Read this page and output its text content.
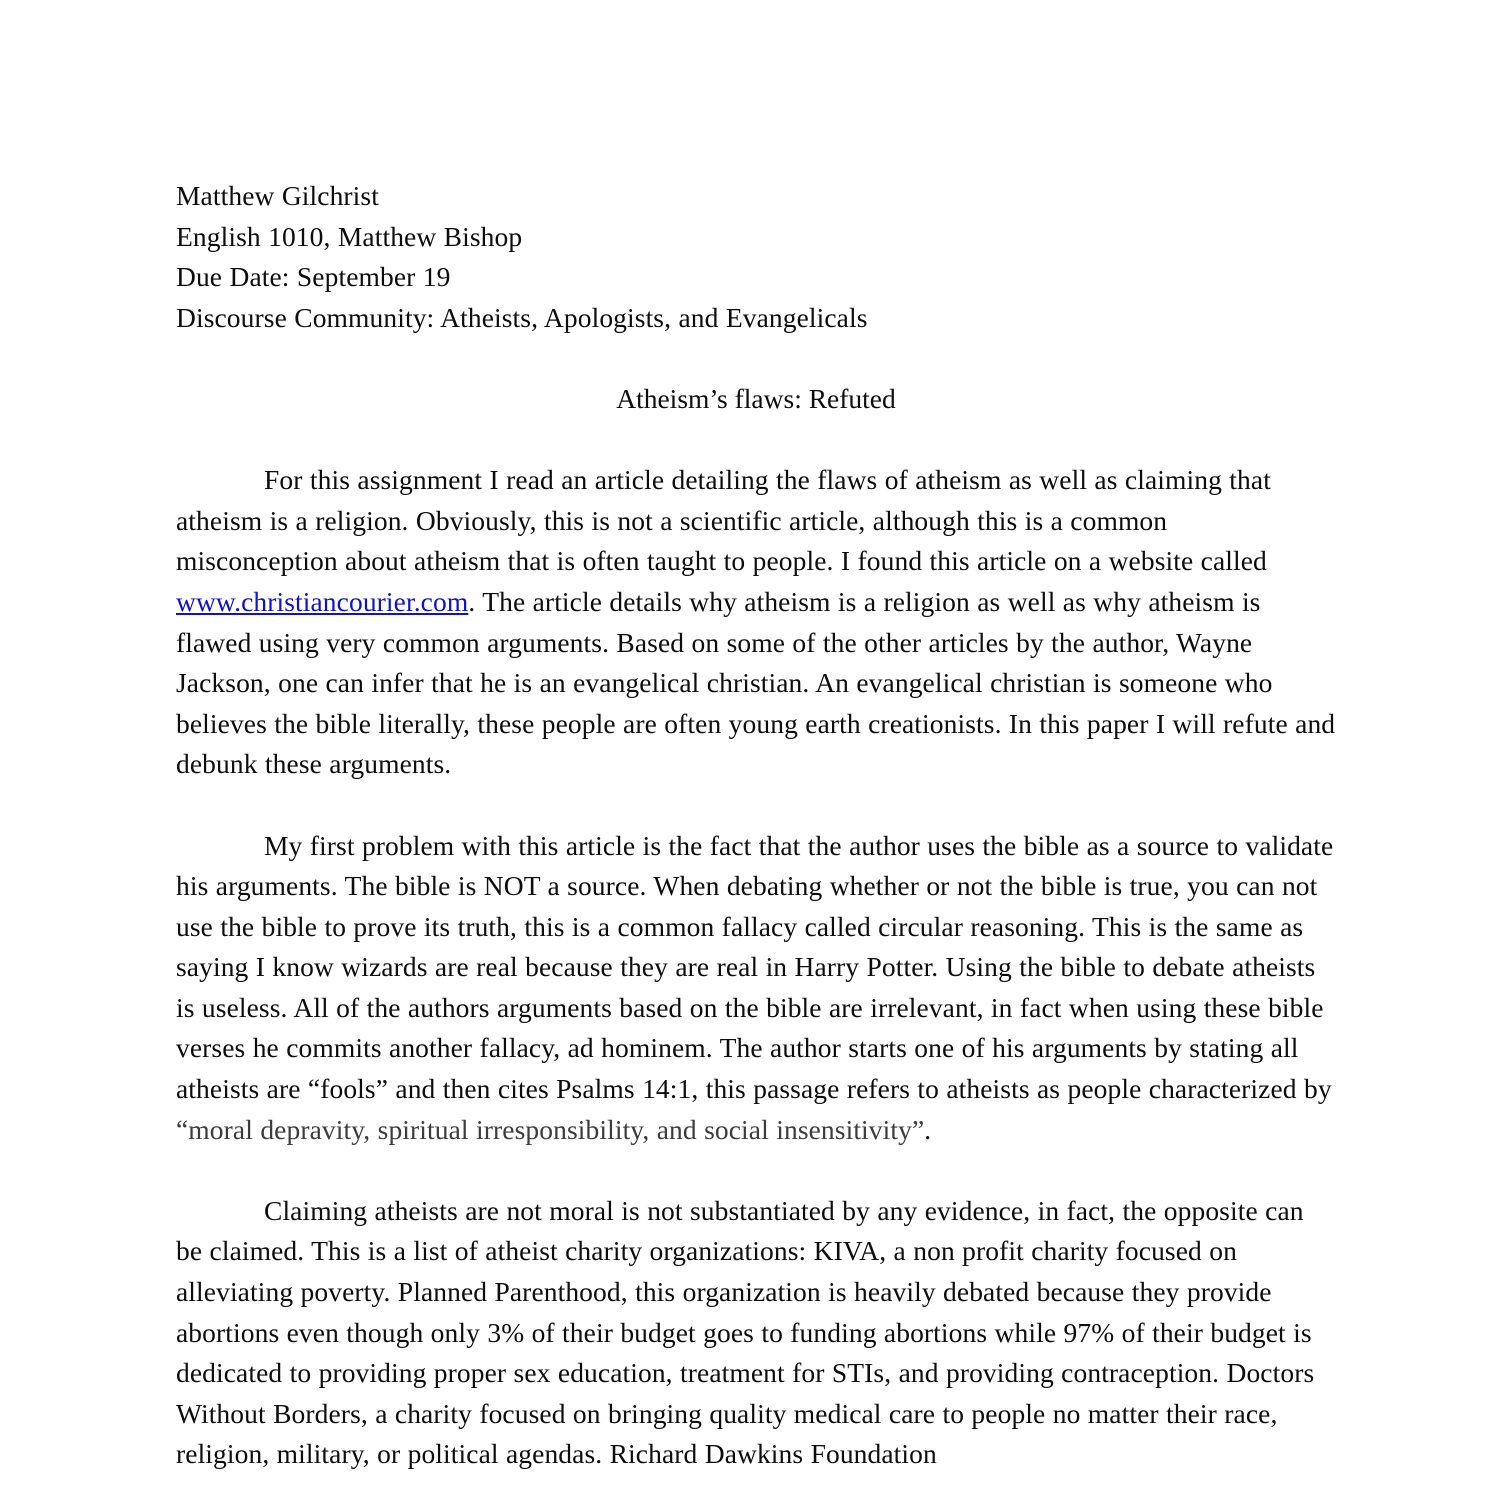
Matthew Gilchrist
English 1010, Matthew Bishop
Due Date: September 19
Discourse Community: Atheists, Apologists, and Evangelicals
Atheism’s flaws: Refuted

For this assignment I read an article detailing the flaws of atheism as well as claiming that atheism is a religion. Obviously, this is not a scientific article, although this is a common misconception about atheism that is often taught to people. I found this article on a website called www.christiancourier.com. The article details why atheism is a religion as well as why atheism is flawed using very common arguments. Based on some of the other articles by the author, Wayne Jackson, one can infer that he is an evangelical christian. An evangelical christian is someone who believes the bible literally, these people are often young earth creationists. In this paper I will refute and debunk these arguments.

My first problem with this article is the fact that the author uses the bible as a source to validate his arguments. The bible is NOT a source. When debating whether or not the bible is true, you can not use the bible to prove its truth, this is a common fallacy called circular reasoning. This is the same as saying I know wizards are real because they are real in Harry Potter. Using the bible to debate atheists is useless. All of the authors arguments based on the bible are irrelevant, in fact when using these bible verses he commits another fallacy, ad hominem. The author starts one of his arguments by stating all atheists are “fools” and then cites Psalms 14:1, this passage refers to atheists as people characterized by “moral depravity, spiritual irresponsibility, and social insensitivity”.

Claiming atheists are not moral is not substantiated by any evidence, in fact, the opposite can be claimed. This is a list of atheist charity organizations: KIVA, a non profit charity focused on alleviating poverty. Planned Parenthood, this organization is heavily debated because they provide abortions even though only 3% of their budget goes to funding abortions while 97% of their budget is dedicated to providing proper sex education, treatment for STIs, and providing contraception. Doctors Without Borders, a charity focused on bringing quality medical care to people no matter their race, religion, military, or political agendas. Richard Dawkins Foundation
